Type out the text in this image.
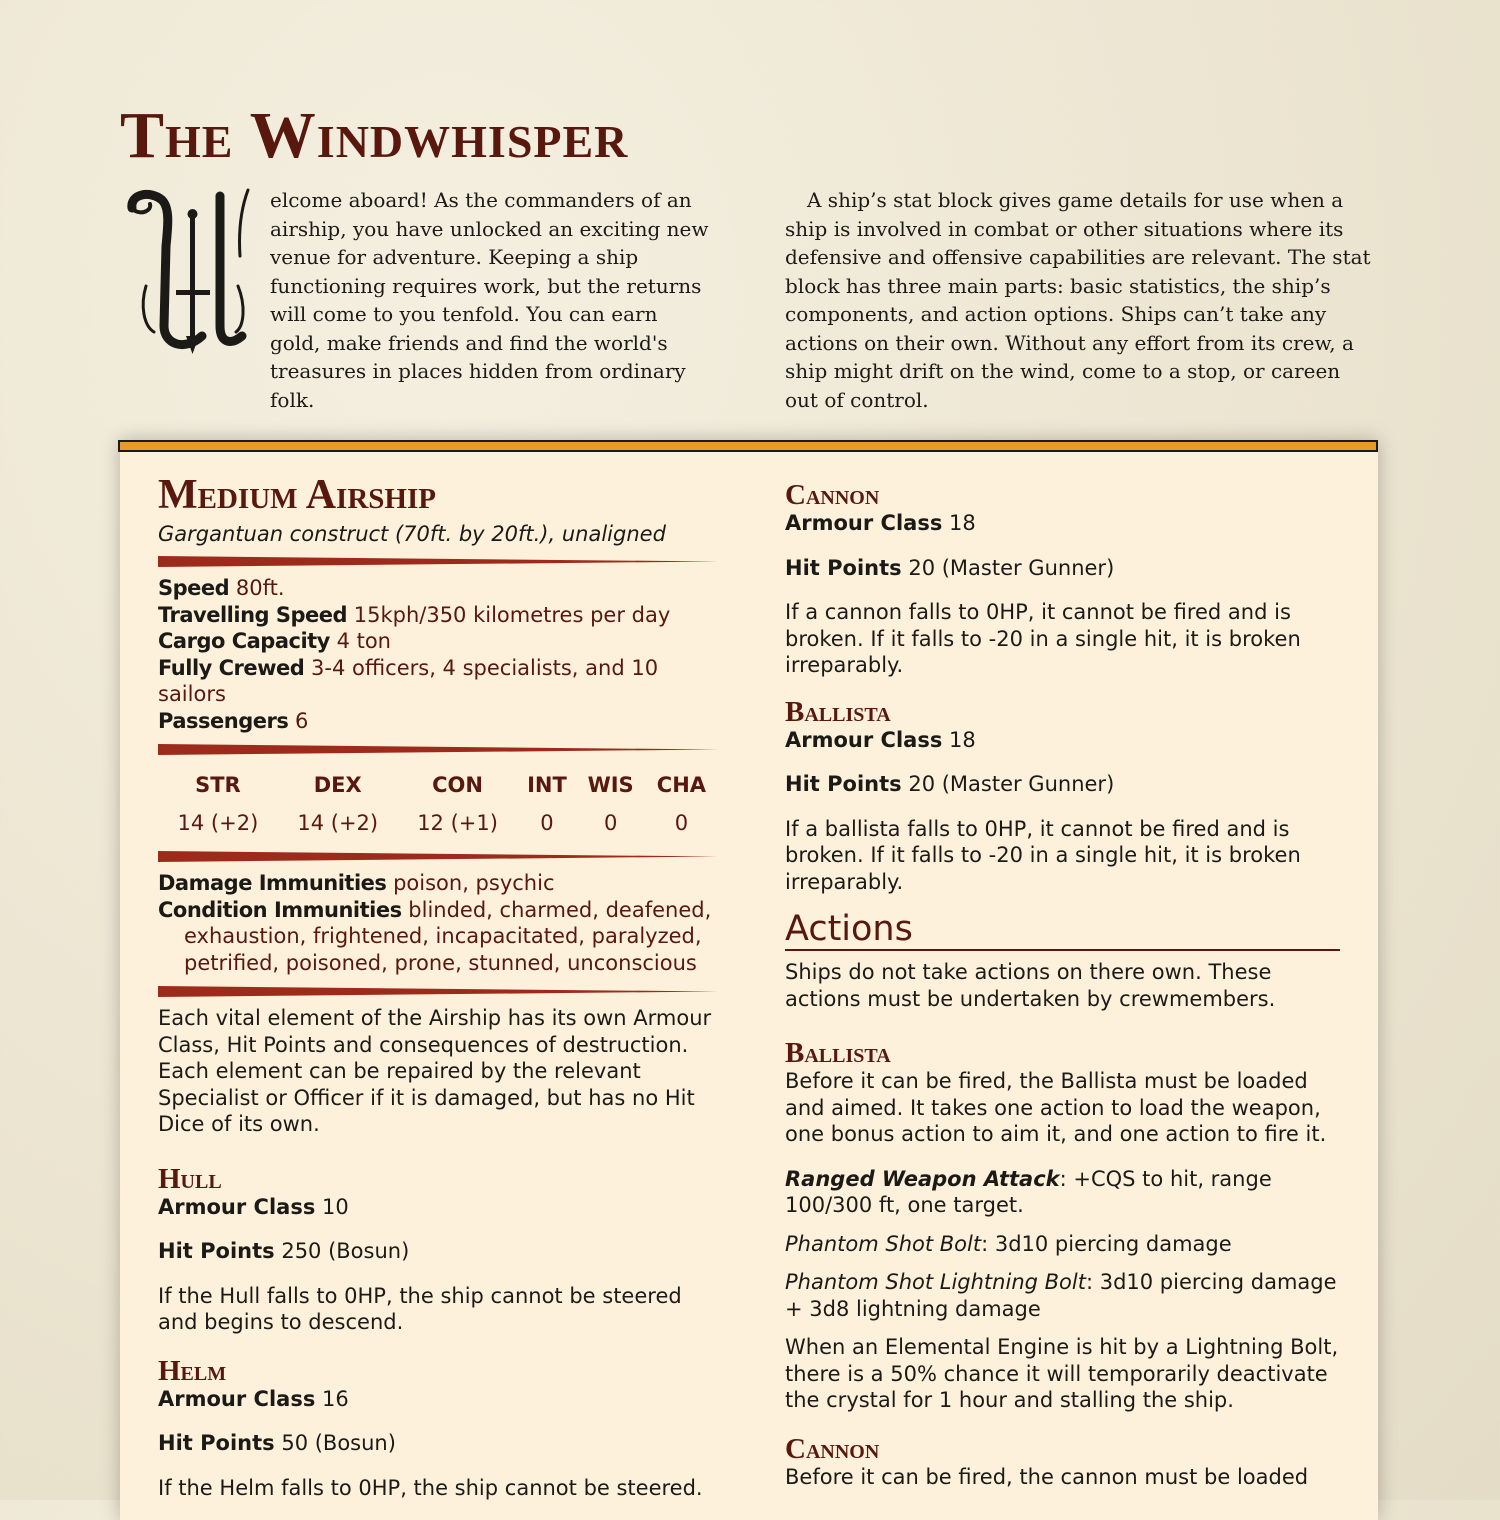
The Windwhisper

elcome aboard! As the commanders of an airship, you have unlocked an exciting new venue for adventure. Keeping a ship functioning requires work, but the returns will come to you tenfold. You can earn gold, make friends and find the world's treasures in places hidden from ordinary folk.

A ship’s stat block gives game details for use when a ship is involved in combat or other situations where its defensive and offensive capabilities are relevant. The stat block has three main parts: basic statistics, the ship’s components, and action options. Ships can’t take any actions on their own. Without any effort from its crew, a ship might drift on the wind, come to a stop, or careen out of control.

Medium Airship
Gargantuan construct (70ft. by 20ft.), unaligned
Speed 80ft.
Travelling Speed 15kph/350 kilometres per day
Cargo Capacity 4 ton
Fully Crewed 3-4 officers, 4 specialists, and 10 sailors
Passengers 6
STR	DEX	CON	INT	WIS	CHA
14 (+2)	14 (+2)	12 (+1)	0	0	0
Damage Immunities poison, psychic
Condition Immunities blinded, charmed, deafened, exhaustion, frightened, incapacitated, paralyzed, petrified, poisoned, prone, stunned, unconscious

Each vital element of the Airship has its own Armour Class, Hit Points and consequences of destruction. Each element can be repaired by the relevant Specialist or Officer if it is damaged, but has no Hit Dice of its own.

Hull
Armour Class 10
Hit Points 250 (Bosun)

If the Hull falls to 0HP, the ship cannot be steered and begins to descend.

Helm
Armour Class 16
Hit Points 50 (Bosun)

If the Helm falls to 0HP, the ship cannot be steered.

Cannon
Armour Class 18
Hit Points 20 (Master Gunner)

If a cannon falls to 0HP, it cannot be fired and is broken. If it falls to -20 in a single hit, it is broken irreparably.

Ballista
Armour Class 18
Hit Points 20 (Master Gunner)

If a ballista falls to 0HP, it cannot be fired and is broken. If it falls to -20 in a single hit, it is broken irreparably.

Actions

Ships do not take actions on there own. These actions must be undertaken by crewmembers.

Ballista

Before it can be fired, the Ballista must be loaded and aimed. It takes one action to load the weapon, one bonus action to aim it, and one action to fire it.

Ranged Weapon Attack: +CQS to hit, range 100/300 ft, one target.

Phantom Shot Bolt: 3d10 piercing damage

Phantom Shot Lightning Bolt: 3d10 piercing damage + 3d8 lightning damage

When an Elemental Engine is hit by a Lightning Bolt, there is a 50% chance it will temporarily deactivate the crystal for 1 hour and stalling the ship.

Cannon

Before it can be fired, the cannon must be loaded
